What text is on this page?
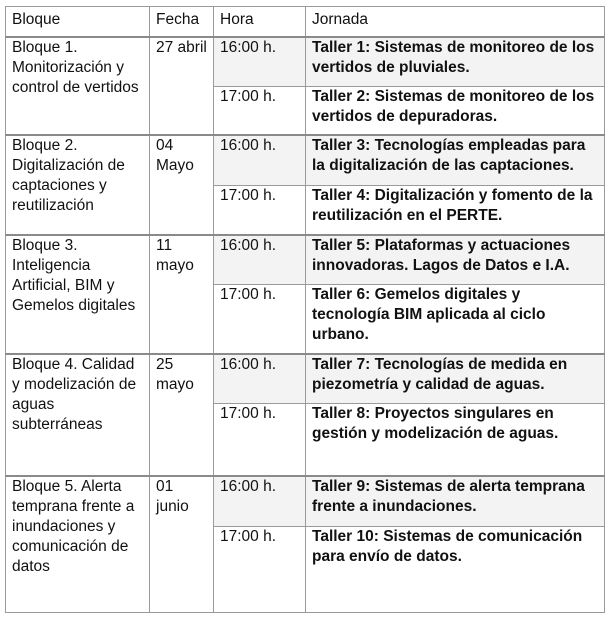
Bloque	Fecha	Hora	Jornada
Bloque 1. Monitorización y control de vertidos	27 abril	16:00 h.	Taller 1: Sistemas de monitoreo de los vertidos de pluviales.
		17:00 h.	Taller 2: Sistemas de monitoreo de los vertidos de depuradoras.
Bloque 2. Digitalización de captaciones y reutilización	04 Mayo	16:00 h.	Taller 3: Tecnologías empleadas para la digitalización de las captaciones.
		17:00 h.	Taller 4: Digitalización y fomento de la reutilización en el PERTE.
Bloque 3. Inteligencia Artificial, BIM y Gemelos digitales	11 mayo	16:00 h.	Taller 5: Plataformas y actuaciones innovadoras. Lagos de Datos e I.A.
		17:00 h.	Taller 6: Gemelos digitales y tecnología BIM aplicada al ciclo urbano.
Bloque 4. Calidad y modelización de aguas subterráneas	25 mayo	16:00 h.	Taller 7: Tecnologías de medida en piezometría y calidad de aguas.
		17:00 h.	Taller 8: Proyectos singulares en gestión y modelización de aguas.
Bloque 5. Alerta temprana frente a inundaciones y comunicación de datos	01 junio	16:00 h.	Taller 9: Sistemas de alerta temprana frente a inundaciones.
		17:00 h.	Taller 10: Sistemas de comunicación para envío de datos.
